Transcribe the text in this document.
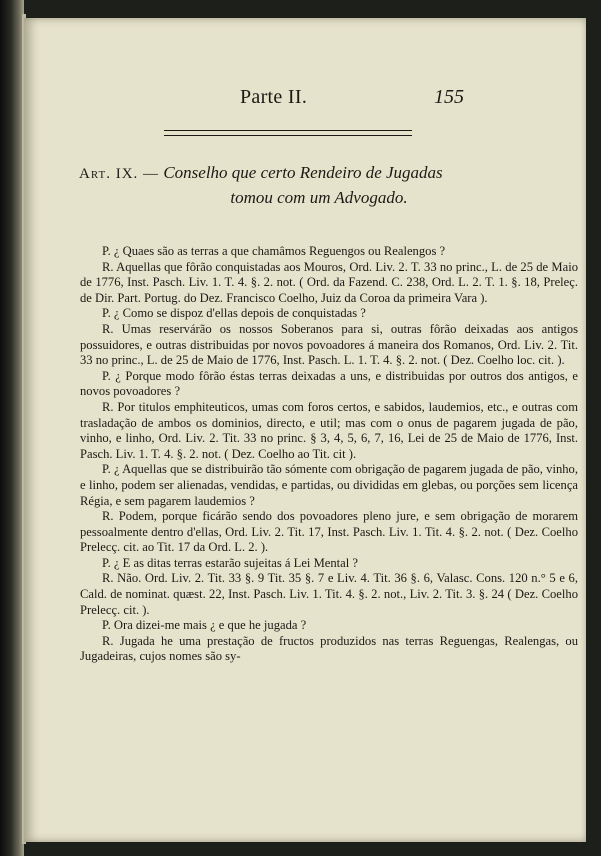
Parte II.	155
Art. IX. — Conselho que certo Rendeiro de Jugadas
tomou com um Advogado.

P. ¿ Quaes são as terras a que chamâmos Reguengos ou Realengos ?

R. Aquellas que fôrão conquistadas aos Mouros, Ord. Liv. 2. T. 33 no princ., L. de 25 de Maio de 1776, Inst. Pasch. Liv. 1. T. 4. §. 2. not. ( Ord. da Fazend. C. 238, Ord. L. 2. T. 1. §. 18, Preleç. de Dir. Part. Portug. do Dez. Francisco Coelho, Juiz da Coroa da primeira Vara ).

P. ¿ Como se dispoz d'ellas depois de conquistadas ?

R. Umas reservárão os nossos Soberanos para si, outras fôrão deixadas aos antigos possuidores, e outras distribuidas por novos povoadores á maneira dos Romanos, Ord. Liv. 2. Tit. 33 no princ., L. de 25 de Maio de 1776, Inst. Pasch. L. 1. T. 4. §. 2. not. ( Dez. Coelho loc. cit. ).

P. ¿ Porque modo fôrão éstas terras deixadas a uns, e distribuidas por outros dos antigos, e novos povoadores ?

R. Por titulos emphiteuticos, umas com foros certos, e sabidos, laudemios, etc., e outras com trasladação de ambos os dominios, directo, e util; mas com o onus de pagarem jugada de pão, vinho, e linho, Ord. Liv. 2. Tit. 33 no princ. § 3, 4, 5, 6, 7, 16, Lei de 25 de Maio de 1776, Inst. Pasch. Liv. 1. T. 4. §. 2. not. ( Dez. Coelho ao Tit. cit ).

P. ¿ Aquellas que se distribuirão tão sómente com obrigação de pagarem jugada de pão, vinho, e linho, podem ser alienadas, vendidas, e partidas, ou divididas em glebas, ou porções sem licença Régia, e sem pagarem laudemios ?

R. Podem, porque ficárão sendo dos povoadores pleno jure, e sem obrigação de morarem pessoalmente dentro d'ellas, Ord. Liv. 2. Tit. 17, Inst. Pasch. Liv. 1. Tit. 4. §. 2. not. ( Dez. Coelho Prelecç. cit. ao Tit. 17 da Ord. L. 2. ).

P. ¿ E as ditas terras estarão sujeitas á Lei Mental ?

R. Não. Ord. Liv. 2. Tit. 33 §. 9 Tit. 35 §. 7 e Liv. 4. Tit. 36 §. 6, Valasc. Cons. 120 n.° 5 e 6, Cald. de nominat. quæst. 22, Inst. Pasch. Liv. 1. Tit. 4. §. 2. not., Liv. 2. Tit. 3. §. 24 ( Dez. Coelho Prelecç. cit. ).

P. Ora dizei-me mais ¿ e que he jugada ?

R. Jugada he uma prestação de fructos produzidos nas terras Reguengas, Realengas, ou Jugadeiras, cujos nomes são sy-
